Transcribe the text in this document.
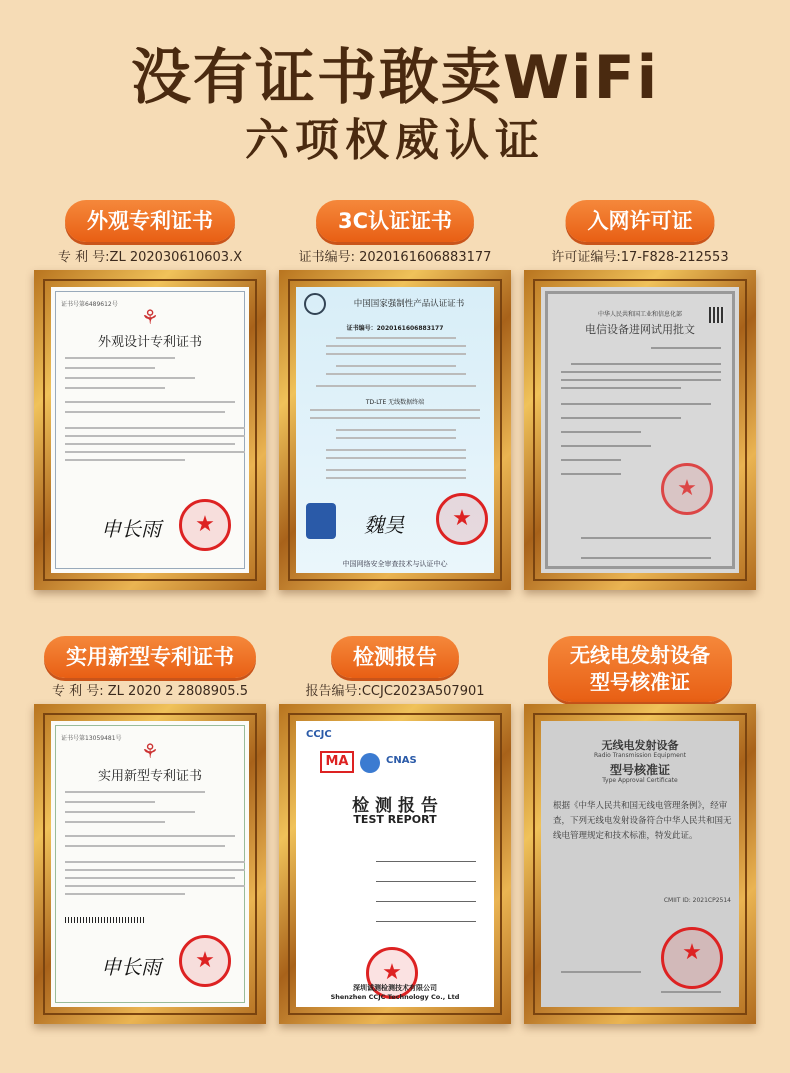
没有证书敢卖WiFi
六项权威认证
外观专利证书
专 利 号:ZL 202030610603.X
证书号第6489612号
⚘
外观设计专利证书
申长雨
★
3C认证证书
证书编号: 2020161606883177
中国国家强制性产品认证证书
证书编号：2020161606883177
TD-LTE 无线数据终端
魏昊
★
中国网络安全审查技术与认证中心
入网许可证
许可证编号:17-F828-212553
中华人民共和国工业和信息化部
电信设备进网试用批文
★
实用新型专利证书
专 利 号: ZL 2020 2 2808905.5
证书号第13059481号
⚘
实用新型专利证书
申长雨
★
检测报告
报告编号:CCJC2023A507901
CCJC
MA	CNAS
检 测 报 告
TEST REPORT
★
深圳诚测检测技术有限公司
Shenzhen CCJC Technology Co., Ltd
无线电发射设备
型号核准证
无线电发射设备
Radio Transmission Equipment
型号核准证
Type Approval Certificate
根据《中华人民共和国无线电管理条例》，经审查，下列无线电发射设备符合中华人民共和国无线电管理规定和技术标准，特发此证。
CMIIT ID: 2021CP2514
★
